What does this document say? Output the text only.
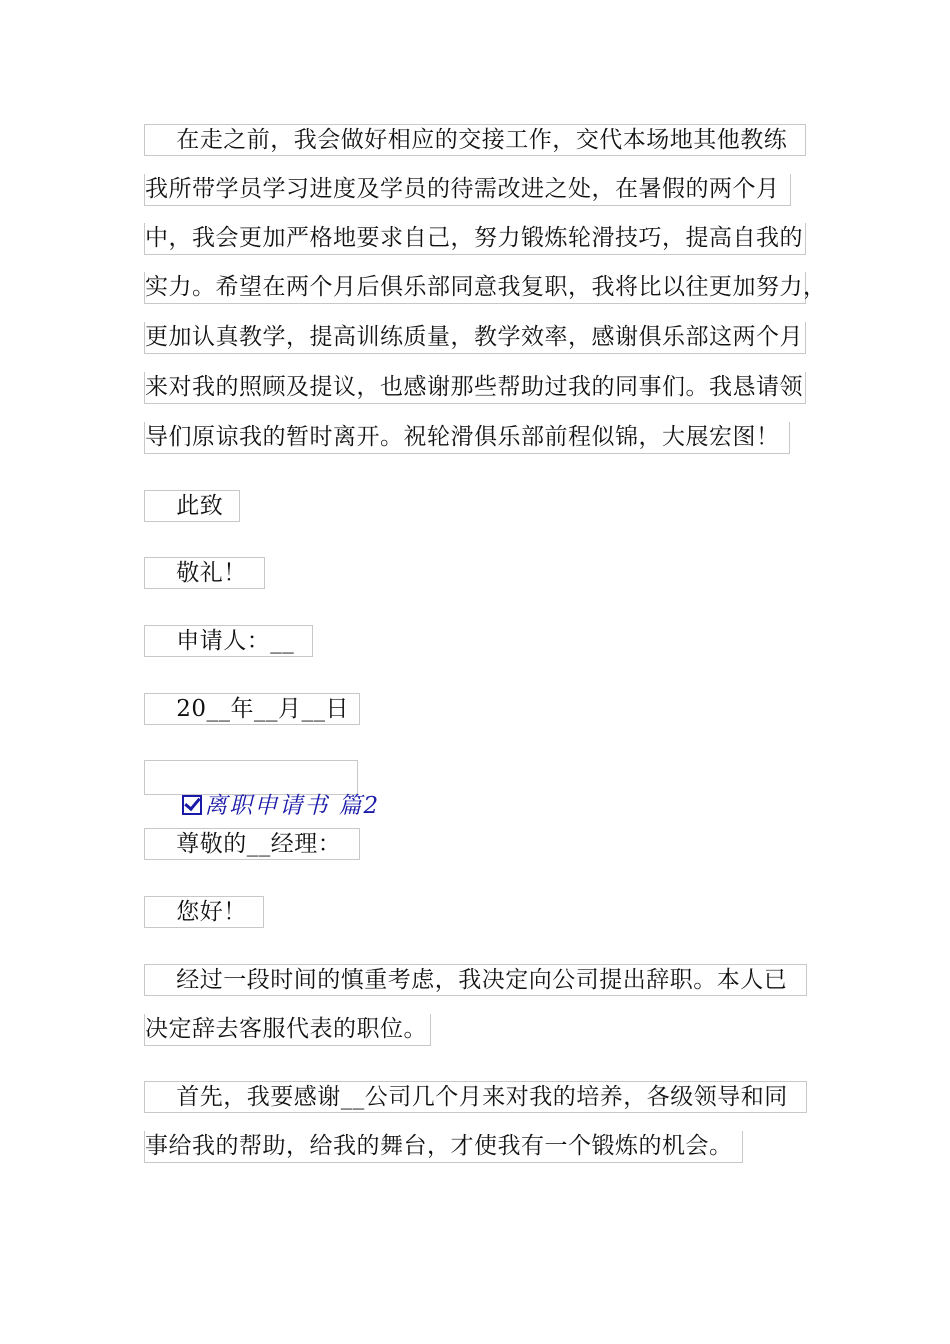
在走之前，我会做好相应的交接工作，交代本场地其他教练
我所带学员学习进度及学员的待需改进之处，在暑假的两个月
中，我会更加严格地要求自己，努力锻炼轮滑技巧，提高自我的
实力。希望在两个月后俱乐部同意我复职，我将比以往更加努力，
更加认真教学，提高训练质量，教学效率，感谢俱乐部这两个月
来对我的照顾及提议，也感谢那些帮助过我的同事们。我恳请领
导们原谅我的暂时离开。祝轮滑俱乐部前程似锦，大展宏图！
此致
敬礼！
申请人：__
20__年__月__日

离职申请书 篇2

尊敬的__经理：
您好！
经过一段时间的慎重考虑，我决定向公司提出辞职。本人已
决定辞去客服代表的职位。
首先，我要感谢__公司几个月来对我的培养，各级领导和同
事给我的帮助，给我的舞台，才使我有一个锻炼的机会。
